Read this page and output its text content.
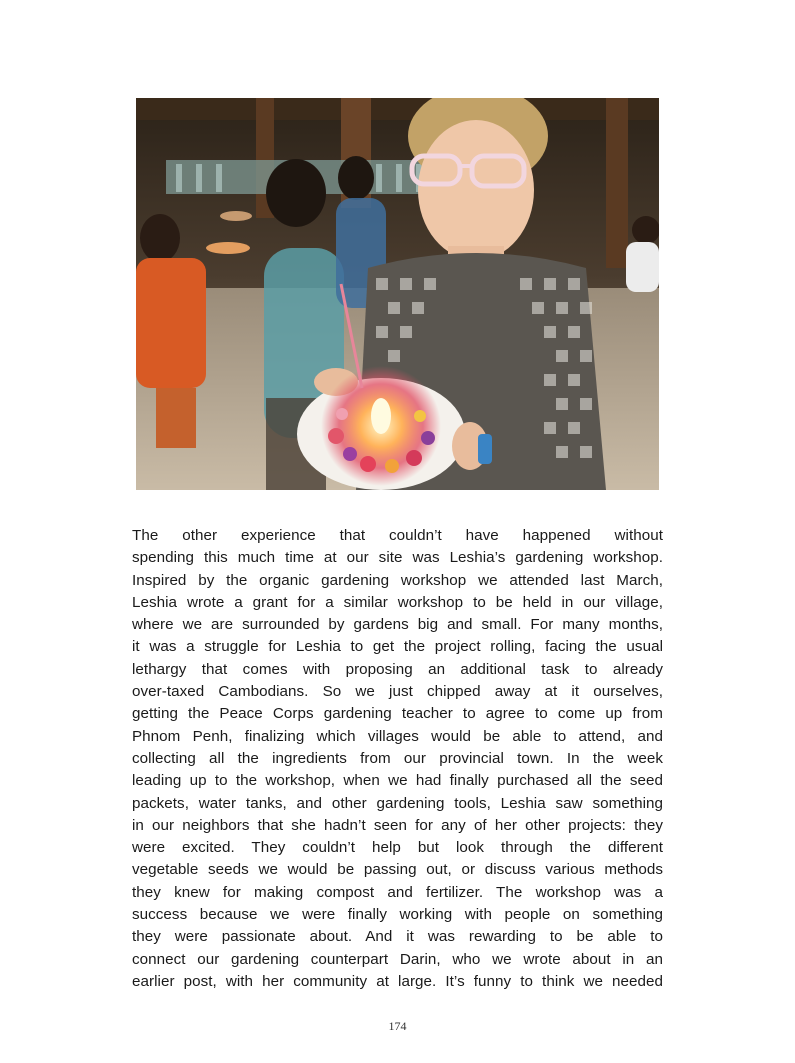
The other experience that couldn’t have happened without
spending this much time at our site was Leshia’s gardening workshop.
Inspired by the organic gardening workshop we attended last March,
Leshia wrote a grant for a similar workshop to be held in our village,
where we are surrounded by gardens big and small. For many months,
it was a struggle for Leshia to get the project rolling, facing the usual
lethargy that comes with proposing an additional task to already
over-taxed Cambodians. So we just chipped away at it ourselves,
getting the Peace Corps gardening teacher to agree to come up from
Phnom Penh, finalizing which villages would be able to attend, and
collecting all the ingredients from our provincial town. In the week
leading up to the workshop, when we had finally purchased all the seed
packets, water tanks, and other gardening tools, Leshia saw something
in our neighbors that she hadn’t seen for any of her other projects: they
were excited. They couldn’t help but look through the different
vegetable seeds we would be passing out, or discuss various methods
they knew for making compost and fertilizer. The workshop was a
success because we were finally working with people on something
they were passionate about. And it was rewarding to be able to
connect our gardening counterpart Darin, who we wrote about in an
earlier post, with her community at large. It’s funny to think we needed

174
